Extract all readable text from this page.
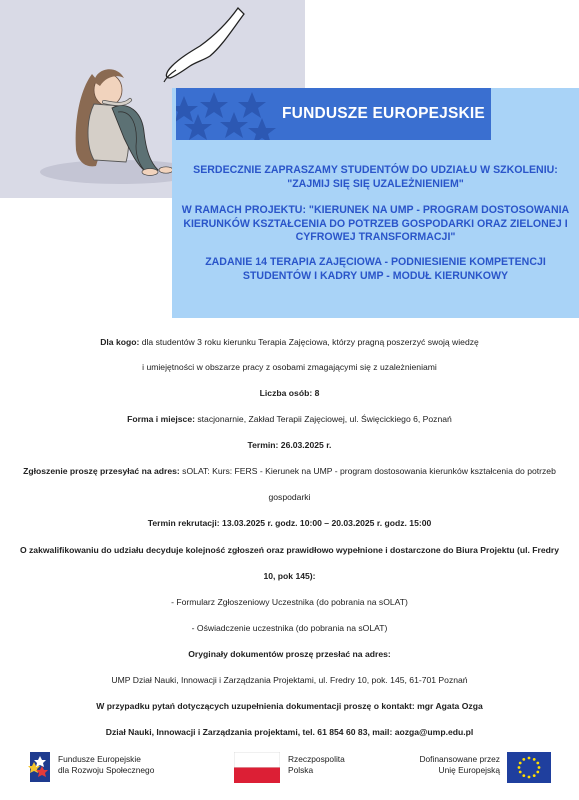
FUNDUSZE EUROPEJSKIE
SERDECZNIE ZAPRASZAMY STUDENTÓW DO UDZIAŁU W SZKOLENIU: "ZAJMIJ SIĘ SIĘ UZALEŻNIENIEM"
W RAMACH PROJEKTU: "KIERUNEK NA UMP - PROGRAM DOSTOSOWANIA KIERUNKÓW KSZTAŁCENIA DO POTRZEB GOSPODARKI ORAZ ZIELONEJ I CYFROWEJ TRANSFORMACJI"
ZADANIE 14 TERAPIA ZAJĘCIOWA - PODNIESIENIE KOMPETENCJI STUDENTÓW I KADRY UMP - MODUŁ KIERUNKOWY
Dla kogo: dla studentów 3 roku kierunku Terapia Zajęciowa, którzy pragną poszerzyć swoją wiedzę
i umiejętności w obszarze pracy z osobami zmagającymi się z uzależnieniami
Liczba osób: 8
Forma i miejsce: stacjonarnie, Zakład Terapii Zajęciowej, ul. Święcickiego 6, Poznań
Termin: 26.03.2025 r.
Zgłoszenie proszę przesyłać na adres: sOLAT: Kurs: FERS - Kierunek na UMP - program dostosowania kierunków kształcenia do potrzeb
gospodarki
Termin rekrutacji: 13.03.2025 r. godz. 10:00 – 20.03.2025 r. godz. 15:00
O zakwalifikowaniu do udziału decyduje kolejność zgłoszeń oraz prawidłowo wypełnione i dostarczone do Biura Projektu (ul. Fredry
10, pok 145):
- Formularz Zgłoszeniowy Uczestnika (do pobrania na sOLAT)
- Oświadczenie uczestnika (do pobrania na sOLAT)
Oryginały dokumentów proszę przesłać na adres:
UMP Dział Nauki, Innowacji i Zarządzania Projektami, ul. Fredry 10, pok. 145, 61-701 Poznań
W przypadku pytań dotyczących uzupełnienia dokumentacji proszę o kontakt: mgr Agata Ozga
Dział Nauki, Innowacji i Zarządzania projektami, tel. 61 854 60 83, mail: aozga@ump.edu.pl
Fundusze Europejskie
dla Rozwoju Społecznego
Rzeczpospolita
Polska
Dofinansowane przez
Unię Europejską
